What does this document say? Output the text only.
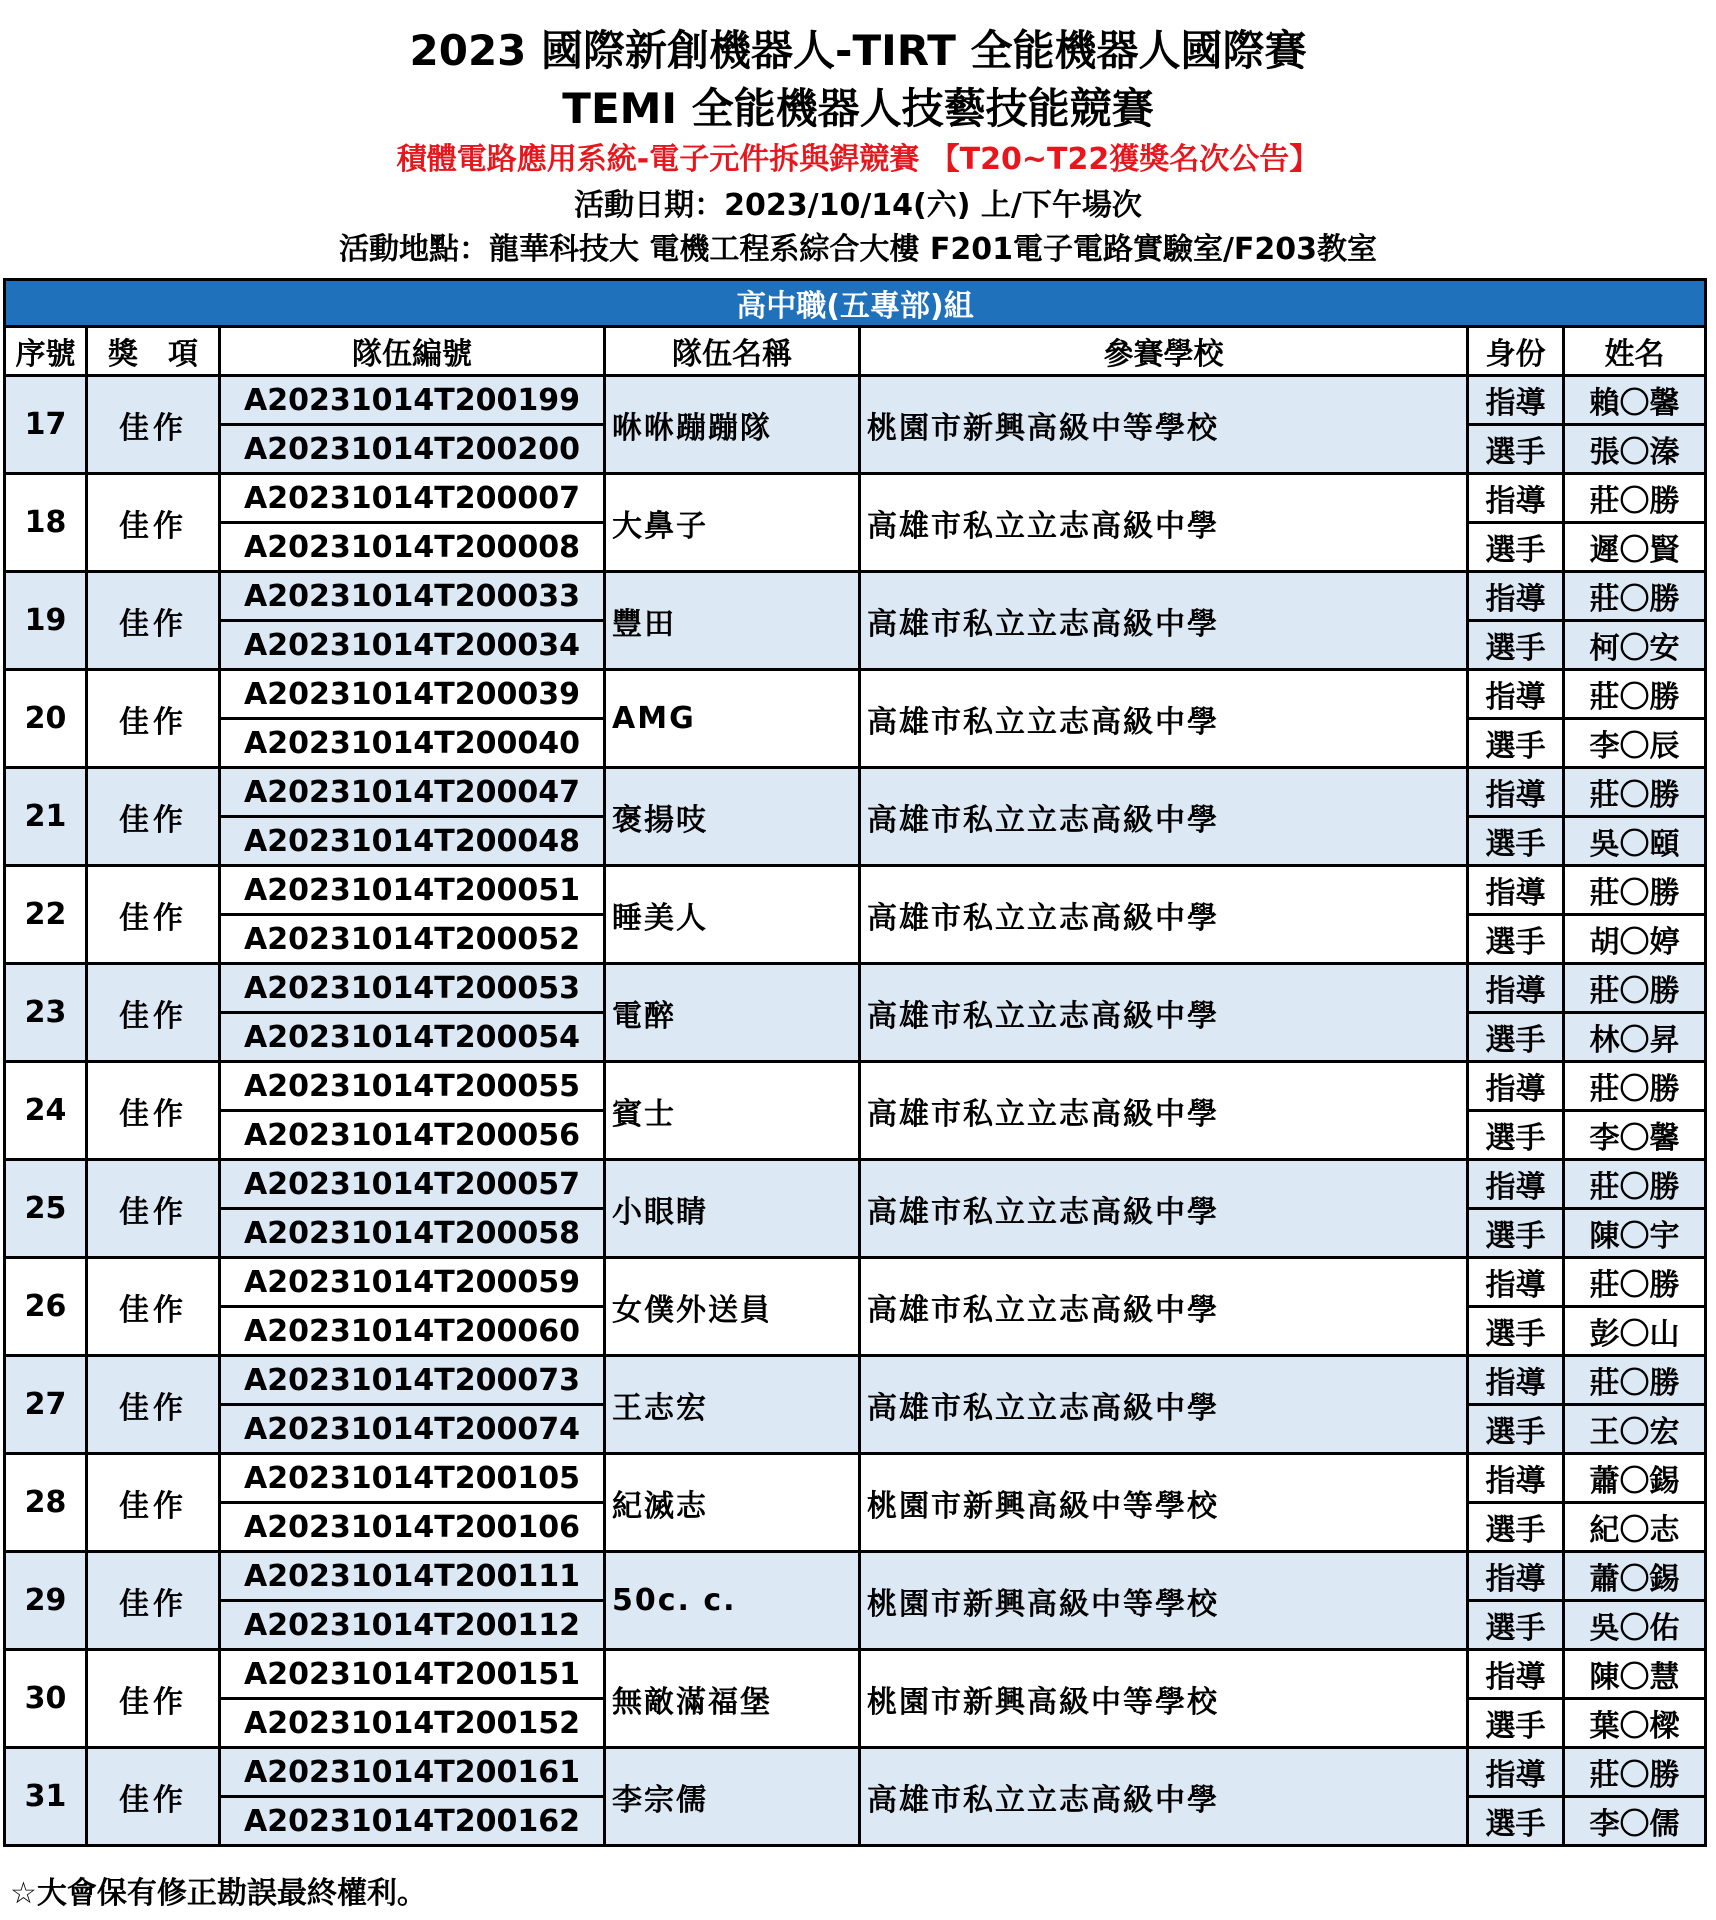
2023 國際新創機器人-TIRT 全能機器人國際賽
TEMI 全能機器人技藝技能競賽
積體電路應用系統-電子元件拆與銲競賽 【T20~T22獲獎名次公告】
活動日期：2023/10/14(六) 上/下午場次
活動地點：龍華科技大 電機工程系綜合大樓 F201電子電路實驗室/F203教室
高中職(五專部)組						
序號	獎　項	隊伍編號	隊伍名稱	參賽學校	身份	姓名
17	佳作	A20231014T200199	咻咻蹦蹦隊	桃園市新興高級中等學校	指導	賴〇馨
		A20231014T200200			選手	張〇溱
18	佳作	A20231014T200007	大鼻子	高雄市私立立志高級中學	指導	莊〇勝
		A20231014T200008			選手	遲〇賢
19	佳作	A20231014T200033	豐田	高雄市私立立志高級中學	指導	莊〇勝
		A20231014T200034			選手	柯〇安
20	佳作	A20231014T200039	AMG	高雄市私立立志高級中學	指導	莊〇勝
		A20231014T200040			選手	李〇辰
21	佳作	A20231014T200047	褒揚吱	高雄市私立立志高級中學	指導	莊〇勝
		A20231014T200048			選手	吳〇頤
22	佳作	A20231014T200051	睡美人	高雄市私立立志高級中學	指導	莊〇勝
		A20231014T200052			選手	胡〇婷
23	佳作	A20231014T200053	電醉	高雄市私立立志高級中學	指導	莊〇勝
		A20231014T200054			選手	林〇昇
24	佳作	A20231014T200055	賓士	高雄市私立立志高級中學	指導	莊〇勝
		A20231014T200056			選手	李〇馨
25	佳作	A20231014T200057	小眼睛	高雄市私立立志高級中學	指導	莊〇勝
		A20231014T200058			選手	陳〇宇
26	佳作	A20231014T200059	女僕外送員	高雄市私立立志高級中學	指導	莊〇勝
		A20231014T200060			選手	彭〇山
27	佳作	A20231014T200073	王志宏	高雄市私立立志高級中學	指導	莊〇勝
		A20231014T200074			選手	王〇宏
28	佳作	A20231014T200105	紀滅志	桃園市新興高級中等學校	指導	蕭〇錫
		A20231014T200106			選手	紀〇志
29	佳作	A20231014T200111	50c. c.	桃園市新興高級中等學校	指導	蕭〇錫
		A20231014T200112			選手	吳〇佑
30	佳作	A20231014T200151	無敵滿福堡	桃園市新興高級中等學校	指導	陳〇慧
		A20231014T200152			選手	葉〇樑
31	佳作	A20231014T200161	李宗儒	高雄市私立立志高級中學	指導	莊〇勝
		A20231014T200162			選手	李〇儒
☆大會保有修正勘誤最終權利。
